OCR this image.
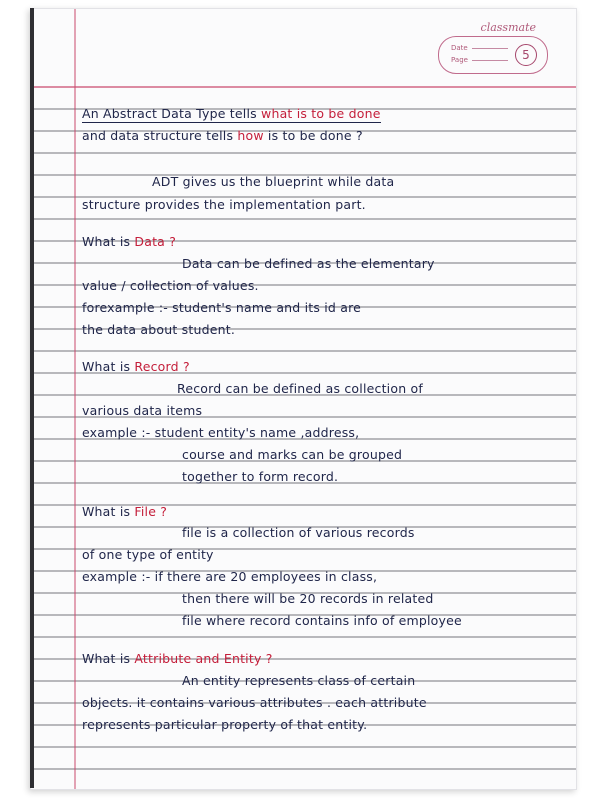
classmate
Date
Page	5
An Abstract Data Type tells what is to be done
and data structure tells how is to be done ?
ADT gives us the blueprint while data
structure provides the implementation part.
What is Data ?
Data can be defined as the elementary
value / collection of values.
forexample :- student's name and its id are
the data about student.
What is Record ?
Record can be defined as collection of
various data items
example :- student entity's name ,address,
course and marks can be grouped
together to form record.
What is File ?
file is a collection of various records
of one type of entity
example :- if there are 20 employees in class,
then there will be 20 records in related
file where record contains info of employee
What is Attribute and Entity ?
An entity represents class of certain
objects. it contains various attributes . each attribute
represents particular property of that entity.
